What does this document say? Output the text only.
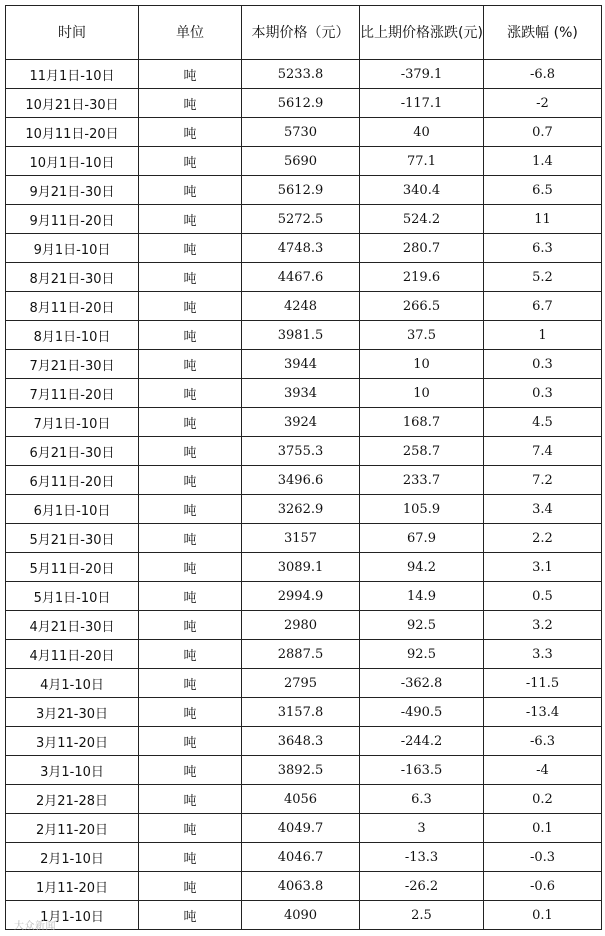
时间	单位	本期价格（元）	比上期价格涨跌(元)	涨跌幅 (%)
11月1日-10日	吨	5233.8	-379.1	-6.8
10月21日-30日	吨	5612.9	-117.1	-2
10月11日-20日	吨	5730	40	0.7
10月1日-10日	吨	5690	77.1	1.4
9月21日-30日	吨	5612.9	340.4	6.5
9月11日-20日	吨	5272.5	524.2	11
9月1日-10日	吨	4748.3	280.7	6.3
8月21日-30日	吨	4467.6	219.6	5.2
8月11日-20日	吨	4248	266.5	6.7
8月1日-10日	吨	3981.5	37.5	1
7月21日-30日	吨	3944	10	0.3
7月11日-20日	吨	3934	10	0.3
7月1日-10日	吨	3924	168.7	4.5
6月21日-30日	吨	3755.3	258.7	7.4
6月11日-20日	吨	3496.6	233.7	7.2
6月1日-10日	吨	3262.9	105.9	3.4
5月21日-30日	吨	3157	67.9	2.2
5月11日-20日	吨	3089.1	94.2	3.1
5月1日-10日	吨	2994.9	14.9	0.5
4月21日-30日	吨	2980	92.5	3.2
4月11日-20日	吨	2887.5	92.5	3.3
4月1-10日	吨	2795	-362.8	-11.5
3月21-30日	吨	3157.8	-490.5	-13.4
3月11-20日	吨	3648.3	-244.2	-6.3
3月1-10日	吨	3892.5	-163.5	-4
2月21-28日	吨	4056	6.3	0.2
2月11-20日	吨	4049.7	3	0.1
2月1-10日	吨	4046.7	-13.3	-0.3
1月11-20日	吨	4063.8	-26.2	-0.6
1月1-10日	吨	4090	2.5	0.1
大众新闻
